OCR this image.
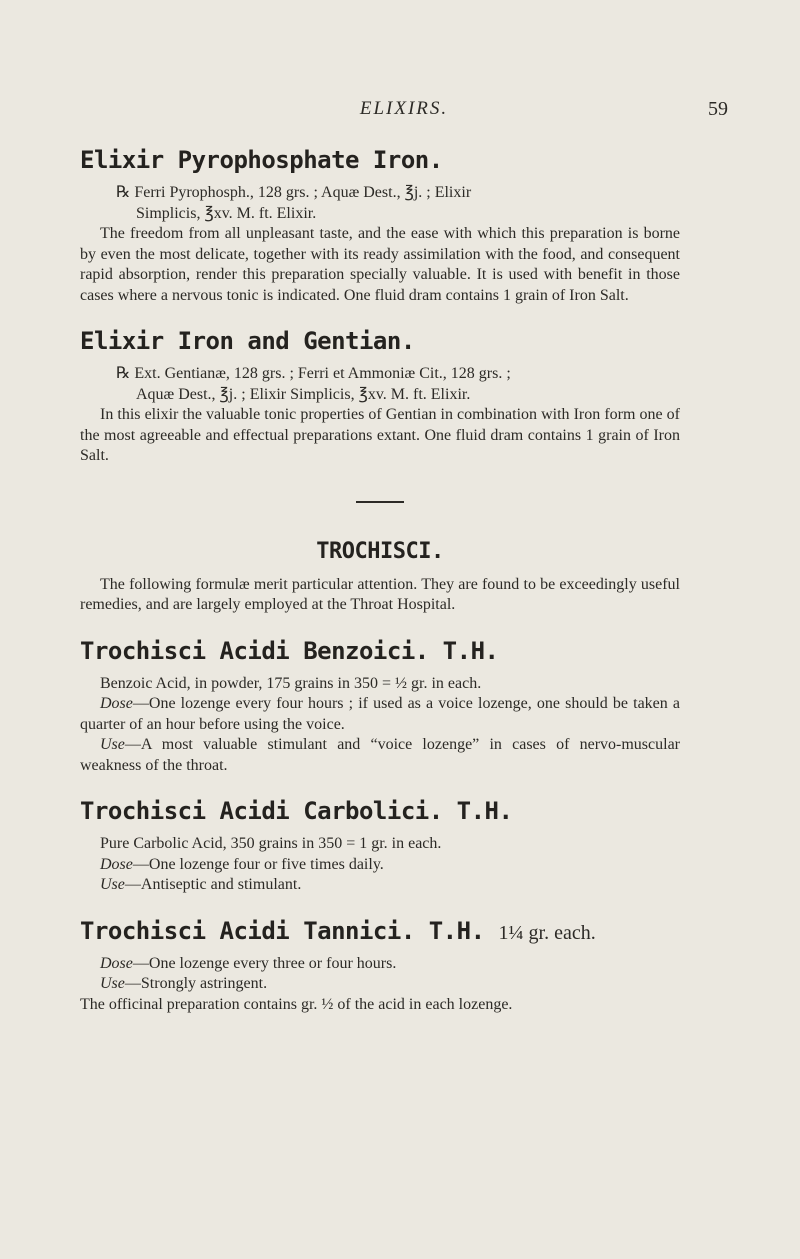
ELIXIRS.	59
Elixir Pyrophosphate Iron.

℞ Ferri Pyrophosph., 128 grs. ; Aquæ Dest., ℥j. ; Elixir
Simplicis, ℥xv. M. ft. Elixir.

The freedom from all unpleasant taste, and the ease with which this preparation is borne by even the most delicate, together with its ready assimilation with the food, and consequent rapid absorption, render this preparation specially valuable. It is used with benefit in those cases where a nervous tonic is indicated. One fluid dram contains 1 grain of Iron Salt.

Elixir Iron and Gentian.

℞ Ext. Gentianæ, 128 grs. ; Ferri et Ammoniæ Cit., 128 grs. ;
Aquæ Dest., ℥j. ; Elixir Simplicis, ℥xv. M. ft. Elixir.

In this elixir the valuable tonic properties of Gentian in combination with Iron form one of the most agreeable and effectual preparations extant. One fluid dram contains 1 grain of Iron Salt.

TROCHISCI.

The following formulæ merit particular attention. They are found to be exceedingly useful remedies, and are largely employed at the Throat Hospital.

Trochisci Acidi Benzoici. T.H.

Benzoic Acid, in powder, 175 grains in 350 = ½ gr. in each.

Dose—One lozenge every four hours ; if used as a voice lozenge, one should be taken a quarter of an hour before using the voice.

Use—A most valuable stimulant and “voice lozenge” in cases of nervo-muscular weakness of the throat.

Trochisci Acidi Carbolici. T.H.

Pure Carbolic Acid, 350 grains in 350 = 1 gr. in each.

Dose—One lozenge four or five times daily.

Use—Antiseptic and stimulant.

Trochisci Acidi Tannici. T.H. 1¼ gr. each.

Dose—One lozenge every three or four hours.

Use—Strongly astringent.

The officinal preparation contains gr. ½ of the acid in each lozenge.
